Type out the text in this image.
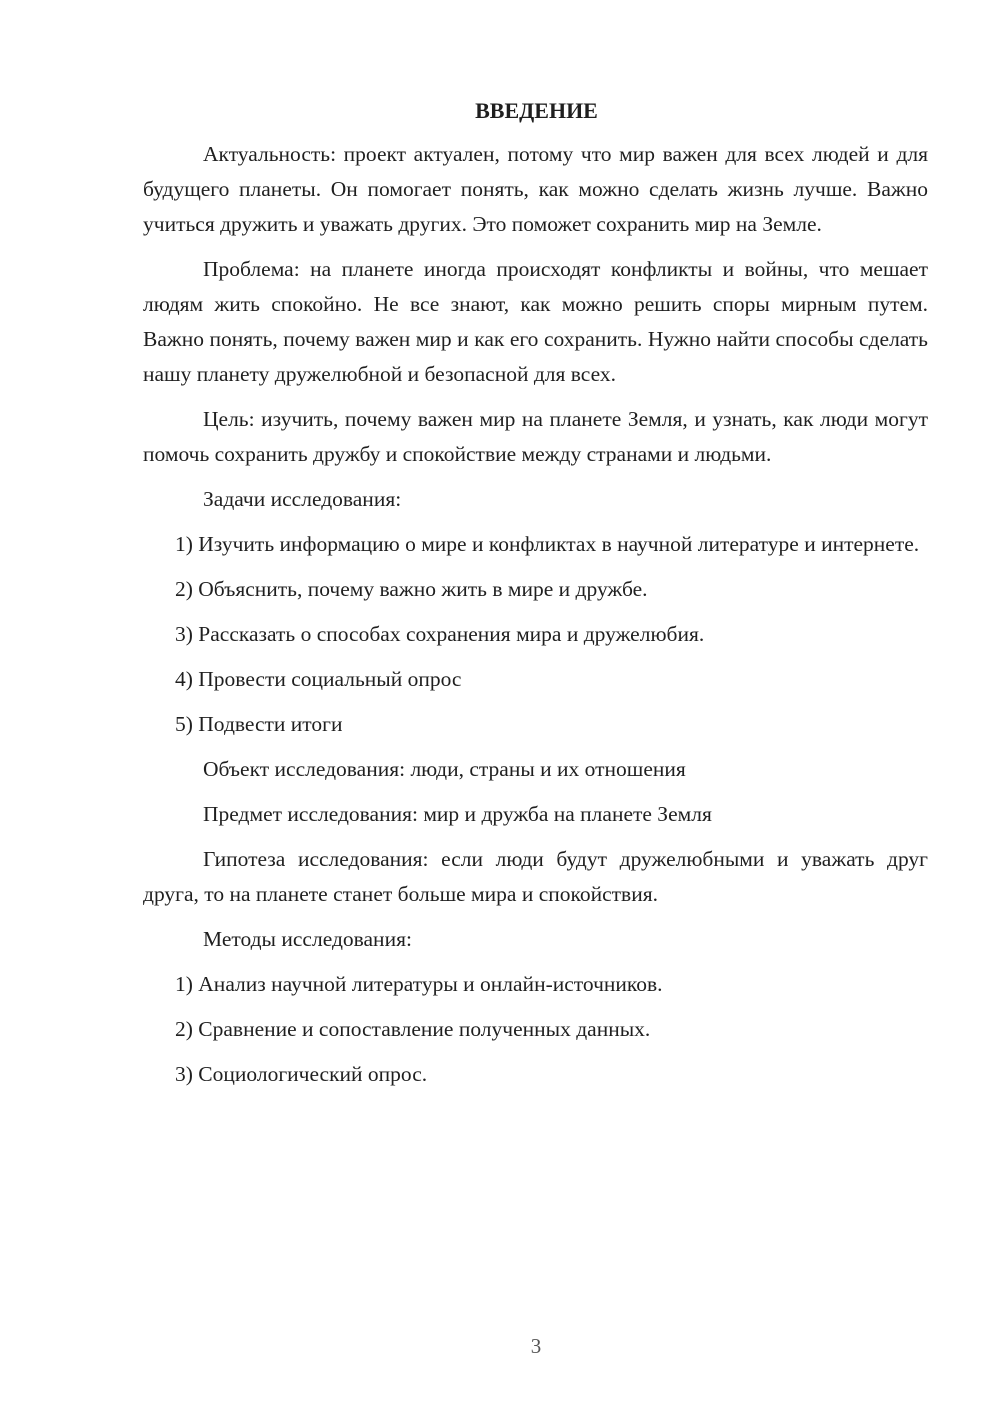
ВВЕДЕНИЕ

Актуальность: проект актуален, потому что мир важен для всех людей и для будущего планеты. Он помогает понять, как можно сделать жизнь лучше. Важно учиться дружить и уважать других. Это поможет сохранить мир на Земле.

Проблема: на планете иногда происходят конфликты и войны, что мешает людям жить спокойно. Не все знают, как можно решить споры мирным путем. Важно понять, почему важен мир и как его сохранить. Нужно найти способы сделать нашу планету дружелюбной и безопасной для всех.

Цель: изучить, почему важен мир на планете Земля, и узнать, как люди могут помочь сохранить дружбу и спокойствие между странами и людьми.

Задачи исследования:

1) Изучить информацию о мире и конфликтах в научной литературе и интернете.

2) Объяснить, почему важно жить в мире и дружбе.

3) Рассказать о способах сохранения мира и дружелюбия.

4) Провести социальный опрос

5) Подвести итоги

Объект исследования: люди, страны и их отношения

Предмет исследования: мир и дружба на планете Земля

Гипотеза исследования: если люди будут дружелюбными и уважать друг друга, то на планете станет больше мира и спокойствия.

Методы исследования:

1) Анализ научной литературы и онлайн-источников.

2) Сравнение и сопоставление полученных данных.

3) Социологический опрос.

3
